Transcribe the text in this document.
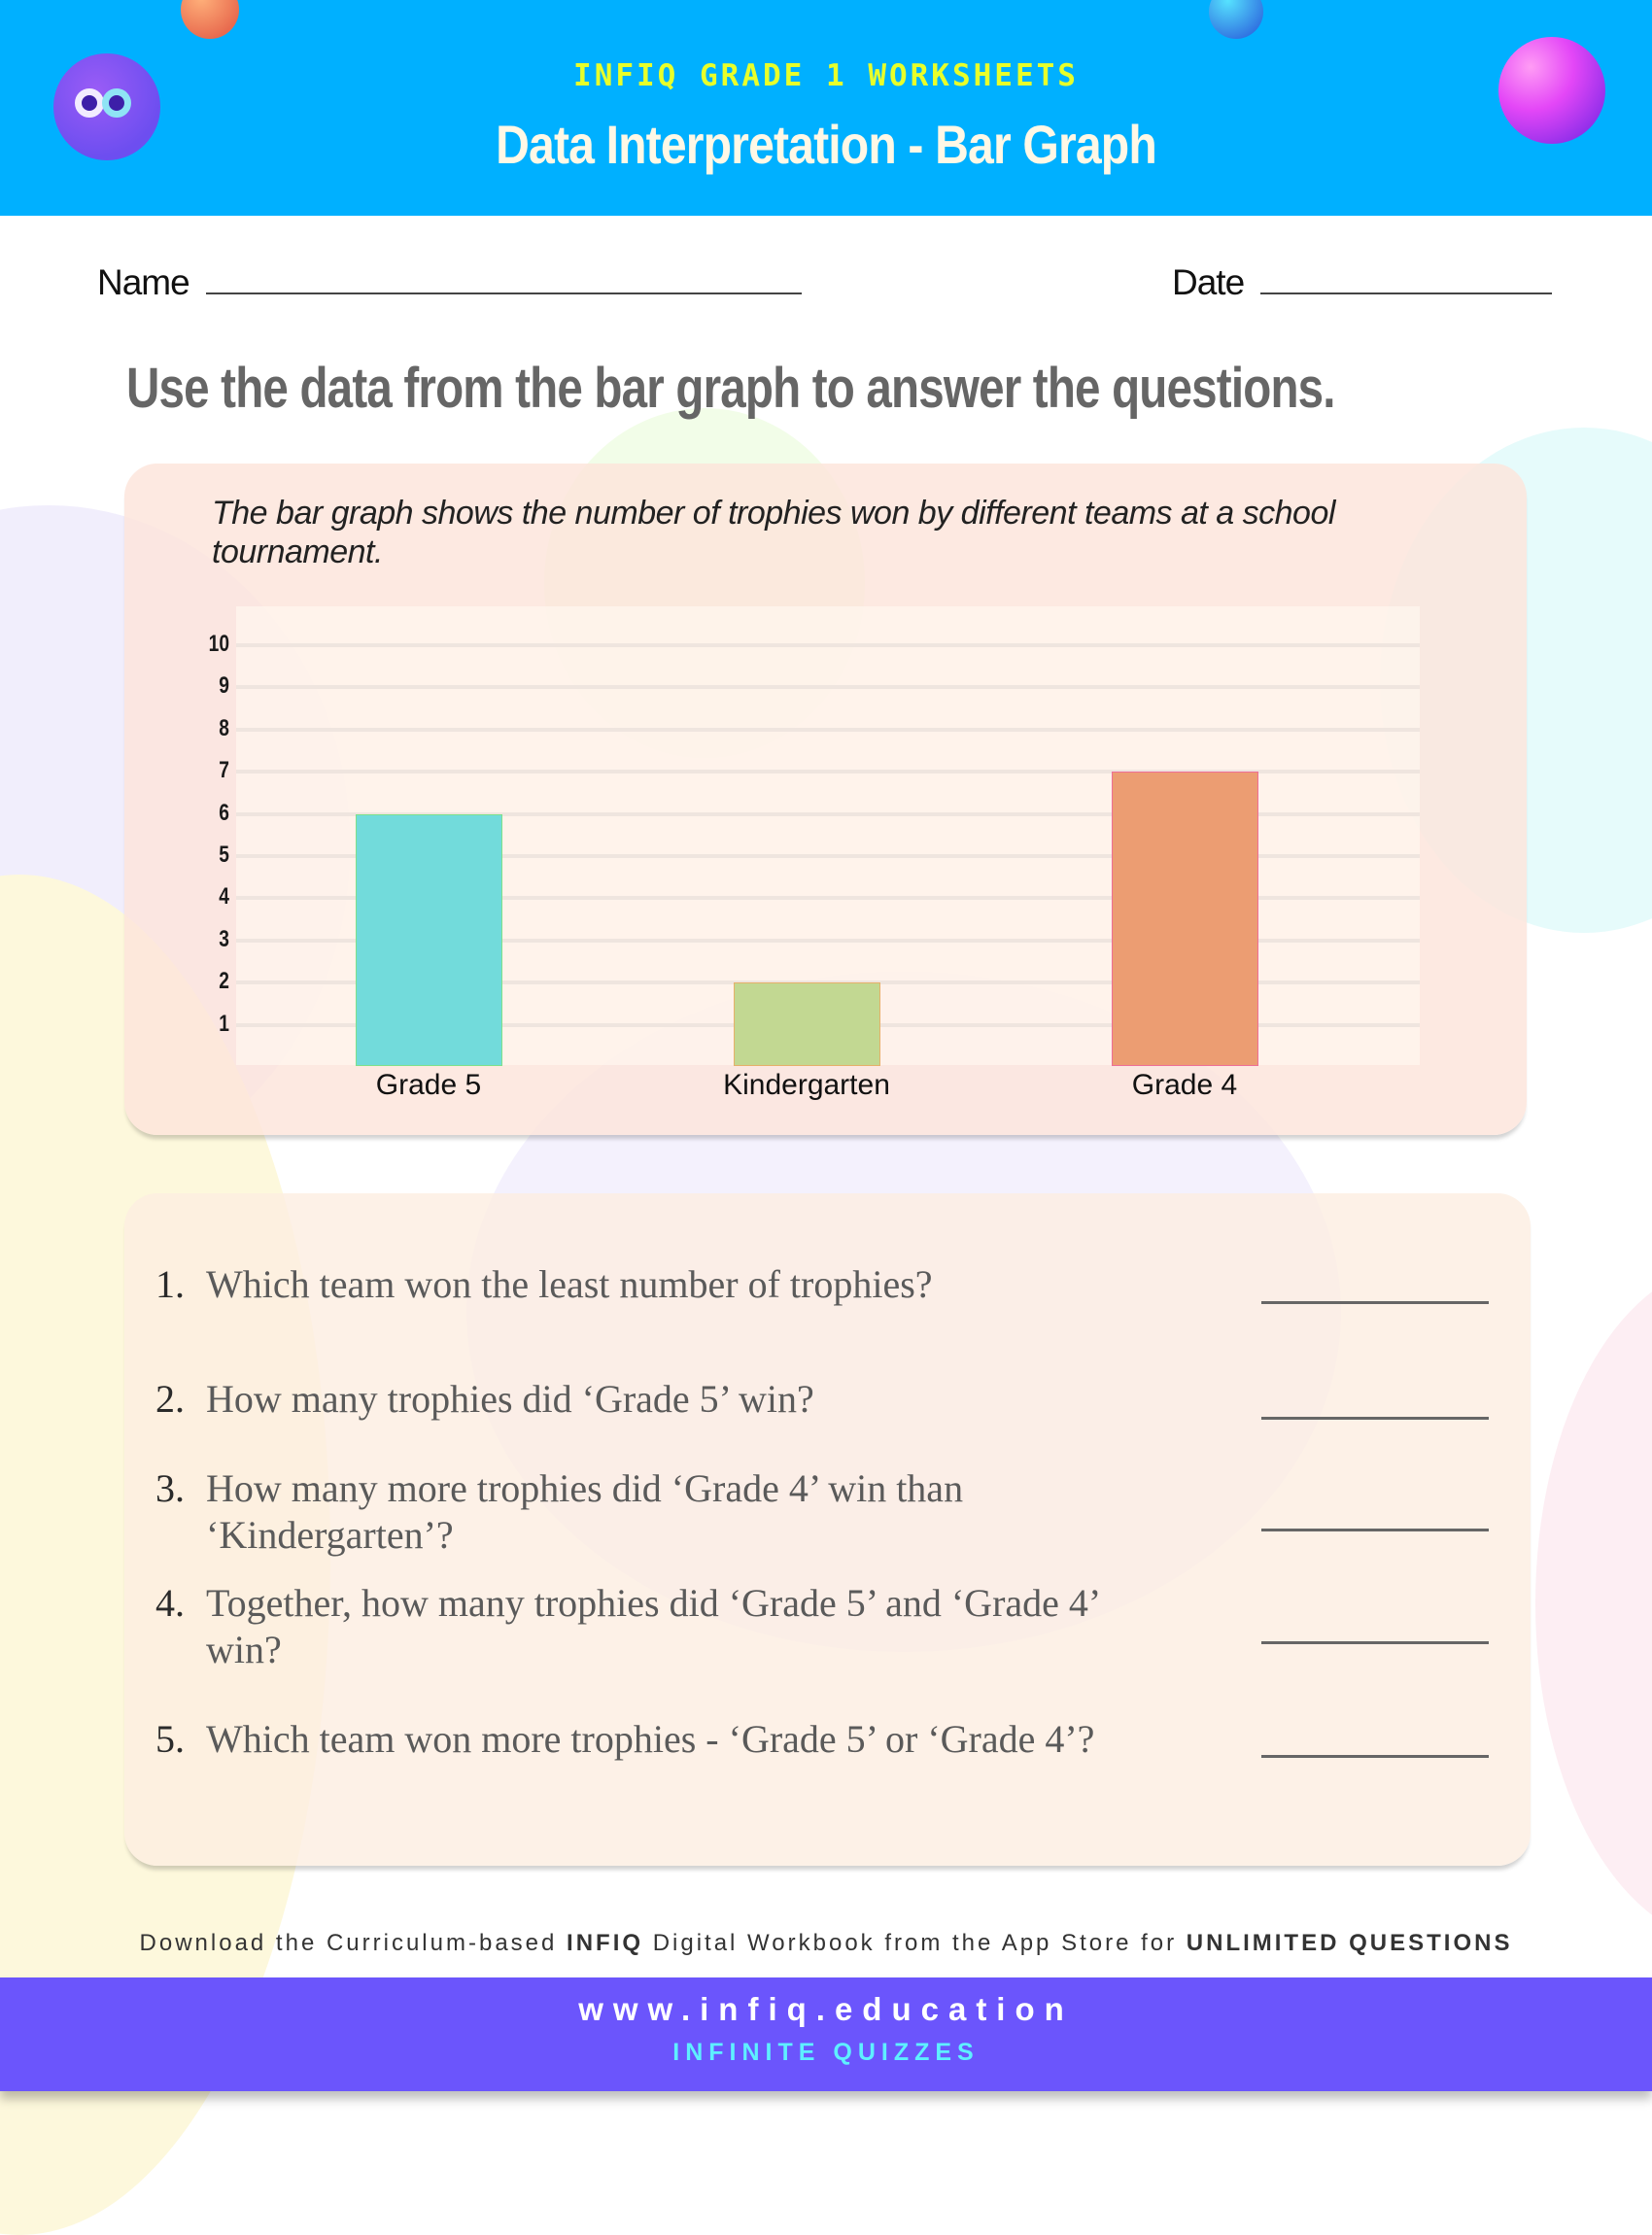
INFIQ GRADE 1 WORKSHEETS
Data Interpretation - Bar Graph
Name	Date
Use the data from the bar graph to answer the questions.
The bar graph shows the number of trophies won by different teams at a school tournament.
1
2
3
4
5
6
7
8
9
10
Grade 5	Kindergarten	Grade 4
1. Which team won the least number of trophies?
2. How many trophies did ‘Grade 5’ win?
3. How many more trophies did ‘Grade 4’ win than ‘Kindergarten’?
4. Together, how many trophies did ‘Grade 5’ and ‘Grade 4’ win?
5. Which team won more trophies - ‘Grade 5’ or ‘Grade 4’?
Download the Curriculum-based INFIQ Digital Workbook from the App Store for UNLIMITED QUESTIONS
www.infiq.education
INFINITE QUIZZES
